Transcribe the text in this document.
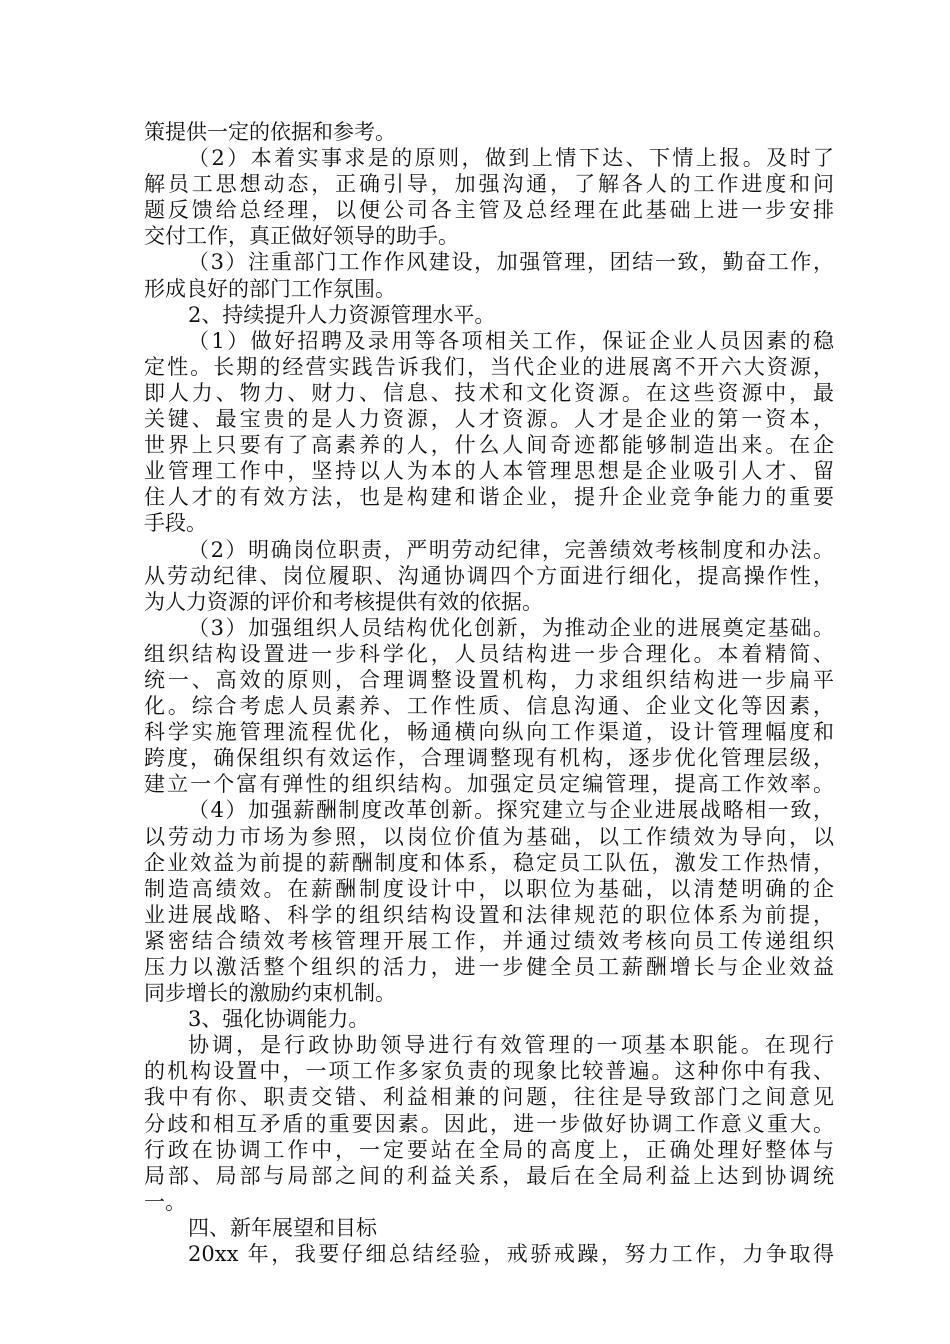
策提供一定的依据和参考。
（2）本着实事求是的原则，做到上情下达、下情上报。及时了
解员工思想动态，正确引导，加强沟通，了解各人的工作进度和问
题反馈给总经理，以便公司各主管及总经理在此基础上进一步安排
交付工作，真正做好领导的助手。
（3）注重部门工作作风建设，加强管理，团结一致，勤奋工作，
形成良好的部门工作氛围。
2、持续提升人力资源管理水平。
（1）做好招聘及录用等各项相关工作，保证企业人员因素的稳
定性。长期的经营实践告诉我们，当代企业的进展离不开六大资源，
即人力、物力、财力、信息、技术和文化资源。在这些资源中，最
关键、最宝贵的是人力资源，人才资源。人才是企业的第一资本，
世界上只要有了高素养的人，什么人间奇迹都能够制造出来。在企
业管理工作中，坚持以人为本的人本管理思想是企业吸引人才、留
住人才的有效方法，也是构建和谐企业，提升企业竞争能力的重要
手段。
（2）明确岗位职责，严明劳动纪律，完善绩效考核制度和办法。
从劳动纪律、岗位履职、沟通协调四个方面进行细化，提高操作性，
为人力资源的评价和考核提供有效的依据。
（3）加强组织人员结构优化创新，为推动企业的进展奠定基础。
组织结构设置进一步科学化，人员结构进一步合理化。本着精简、
统一、高效的原则，合理调整设置机构，力求组织结构进一步扁平
化。综合考虑人员素养、工作性质、信息沟通、企业文化等因素，
科学实施管理流程优化，畅通横向纵向工作渠道，设计管理幅度和
跨度，确保组织有效运作，合理调整现有机构，逐步优化管理层级，
建立一个富有弹性的组织结构。加强定员定编管理，提高工作效率。
（4）加强薪酬制度改革创新。探究建立与企业进展战略相一致，
以劳动力市场为参照，以岗位价值为基础，以工作绩效为导向，以
企业效益为前提的薪酬制度和体系，稳定员工队伍，激发工作热情，
制造高绩效。在薪酬制度设计中，以职位为基础，以清楚明确的企
业进展战略、科学的组织结构设置和法律规范的职位体系为前提，
紧密结合绩效考核管理开展工作，并通过绩效考核向员工传递组织
压力以激活整个组织的活力，进一步健全员工薪酬增长与企业效益
同步增长的激励约束机制。
3、强化协调能力。
协调，是行政协助领导进行有效管理的一项基本职能。在现行
的机构设置中，一项工作多家负责的现象比较普遍。这种你中有我、
我中有你、职责交错、利益相兼的问题，往往是导致部门之间意见
分歧和相互矛盾的重要因素。因此，进一步做好协调工作意义重大。
行政在协调工作中，一定要站在全局的高度上，正确处理好整体与
局部、局部与局部之间的利益关系，最后在全局利益上达到协调统
一。
四、新年展望和目标
20xx 年，我要仔细总结经验，戒骄戒躁，努力工作，力争取得
